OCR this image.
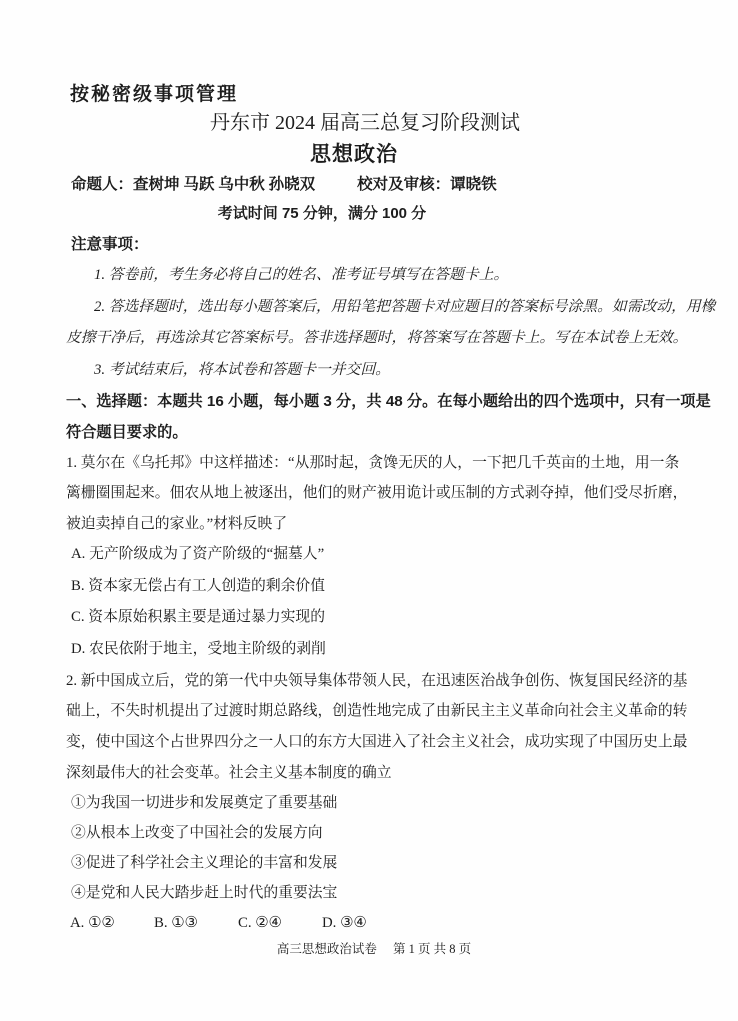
按秘密级事项管理
丹东市 2024 届高三总复习阶段测试
思想政治
命题人：查树坤 马跃 乌中秋 孙晓双	校对及审核：谭晓铁
考试时间 75 分钟，满分 100 分
注意事项：
1. 答卷前，考生务必将自己的姓名、准考证号填写在答题卡上。
2. 答选择题时，选出每小题答案后，用铅笔把答题卡对应题目的答案标号涂黑。如需改动，用橡
皮擦干净后，再选涂其它答案标号。答非选择题时，将答案写在答题卡上。写在本试卷上无效。
3. 考试结束后，将本试卷和答题卡一并交回。
一、选择题：本题共 16 小题，每小题 3 分，共 48 分。在每小题给出的四个选项中，只有一项是
符合题目要求的。
1. 莫尔在《乌托邦》中这样描述：“从那时起，贪馋无厌的人，一下把几千英亩的土地，用一条
篱栅圈围起来。佃农从地上被逐出，他们的财产被用诡计或压制的方式剥夺掉，他们受尽折磨，
被迫卖掉自己的家业。”材料反映了
A. 无产阶级成为了资产阶级的“掘墓人”
B. 资本家无偿占有工人创造的剩余价值
C. 资本原始积累主要是通过暴力实现的
D. 农民依附于地主，受地主阶级的剥削
2. 新中国成立后，党的第一代中央领导集体带领人民，在迅速医治战争创伤、恢复国民经济的基
础上，不失时机提出了过渡时期总路线，创造性地完成了由新民主主义革命向社会主义革命的转
变，使中国这个占世界四分之一人口的东方大国进入了社会主义社会，成功实现了中国历史上最
深刻最伟大的社会变革。社会主义基本制度的确立
①为我国一切进步和发展奠定了重要基础
②从根本上改变了中国社会的发展方向
③促进了科学社会主义理论的丰富和发展
④是党和人民大踏步赶上时代的重要法宝
A. ①②	B. ①③	C. ②④	D. ③④
高三思想政治试卷 第 1 页 共 8 页
